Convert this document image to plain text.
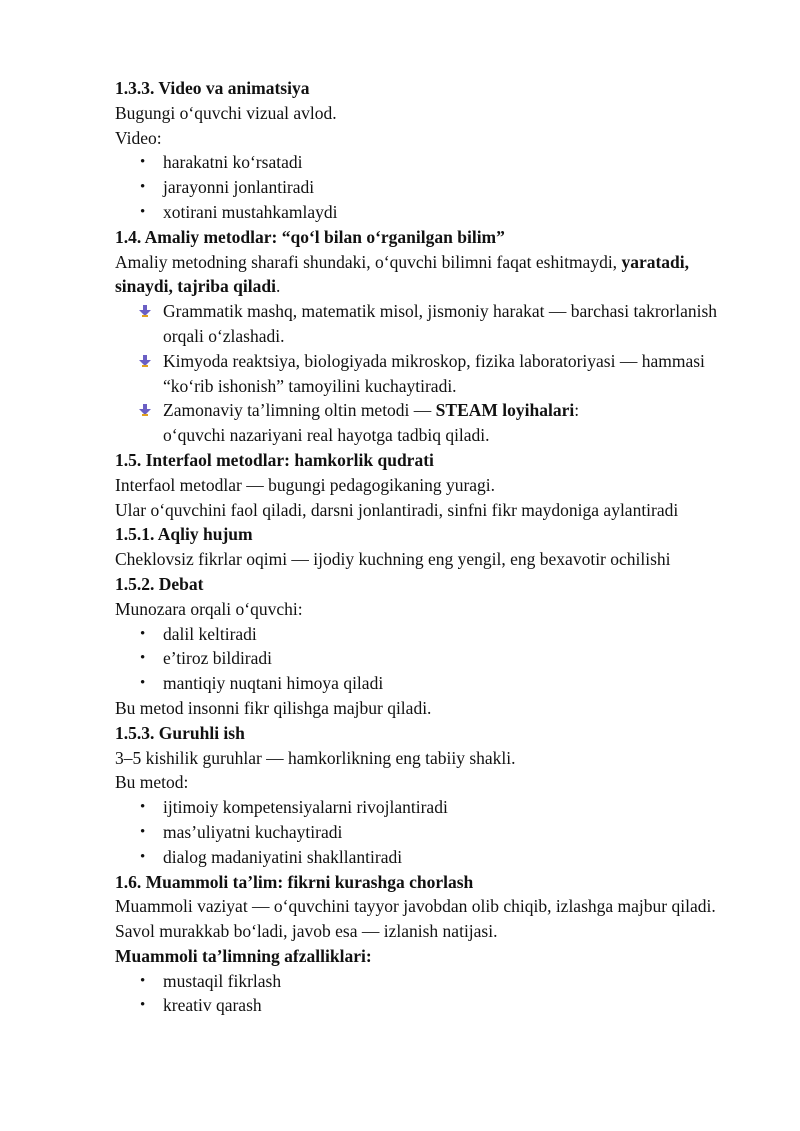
1.3.3. Video va animatsiya
Bugungi o‘quvchi vizual avlod.
Video:
• harakatni ko‘rsatadi
• jarayonni jonlantiradi
• xotirani mustahkamlaydi
1.4. Amaliy metodlar: “qo‘l bilan o‘rganilgan bilim”
Amaliy metodning sharafi shundaki, o‘quvchi bilimni faqat eshitmaydi, yaratadi, sinaydi, tajriba qiladi.
Grammatik mashq, matematik misol, jismoniy harakat — barchasi takrorlanish orqali o‘zlashadi.
Kimyoda reaktsiya, biologiyada mikroskop, fizika laboratoriyasi — hammasi “ko‘rib ishonish” tamoyilini kuchaytiradi.
Zamonaviy ta’limning oltin metodi — STEAM loyihalari:
o‘quvchi nazariyani real hayotga tadbiq qiladi.
1.5. Interfaol metodlar: hamkorlik qudrati
Interfaol metodlar — bugungi pedagogikaning yuragi.
Ular o‘quvchini faol qiladi, darsni jonlantiradi, sinfni fikr maydoniga aylantiradi
1.5.1. Aqliy hujum
Cheklovsiz fikrlar oqimi — ijodiy kuchning eng yengil, eng bexavotir ochilishi
1.5.2. Debat
Munozara orqali o‘quvchi:
• dalil keltiradi
• e’tiroz bildiradi
• mantiqiy nuqtani himoya qiladi
Bu metod insonni fikr qilishga majbur qiladi.
1.5.3. Guruhli ish
3–5 kishilik guruhlar — hamkorlikning eng tabiiy shakli.
Bu metod:
• ijtimoiy kompetensiyalarni rivojlantiradi
• mas’uliyatni kuchaytiradi
• dialog madaniyatini shakllantiradi
1.6. Muammoli ta’lim: fikrni kurashga chorlash
Muammoli vaziyat — o‘quvchini tayyor javobdan olib chiqib, izlashga majbur qiladi.
Savol murakkab bo‘ladi, javob esa — izlanish natijasi.
Muammoli ta’limning afzalliklari:
• mustaqil fikrlash
• kreativ qarash
